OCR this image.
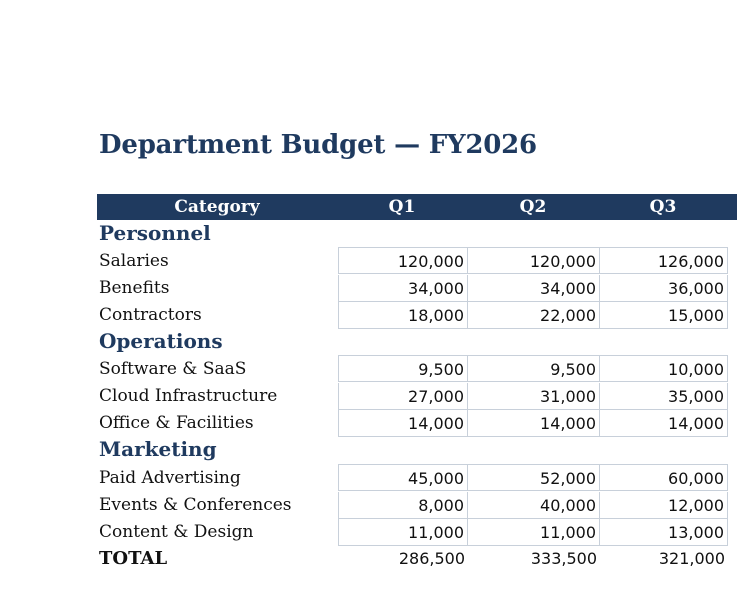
Department Budget — FY2026
Category	Q1	Q2	Q3
Personnel
Salaries	120,000	120,000	126,000
Benefits	34,000	34,000	36,000
Contractors	18,000	22,000	15,000
Operations
Software & SaaS	9,500	9,500	10,000
Cloud Infrastructure	27,000	31,000	35,000
Office & Facilities	14,000	14,000	14,000
Marketing
Paid Advertising	45,000	52,000	60,000
Events & Conferences	8,000	40,000	12,000
Content & Design	11,000	11,000	13,000
TOTAL	286,500	333,500	321,000
